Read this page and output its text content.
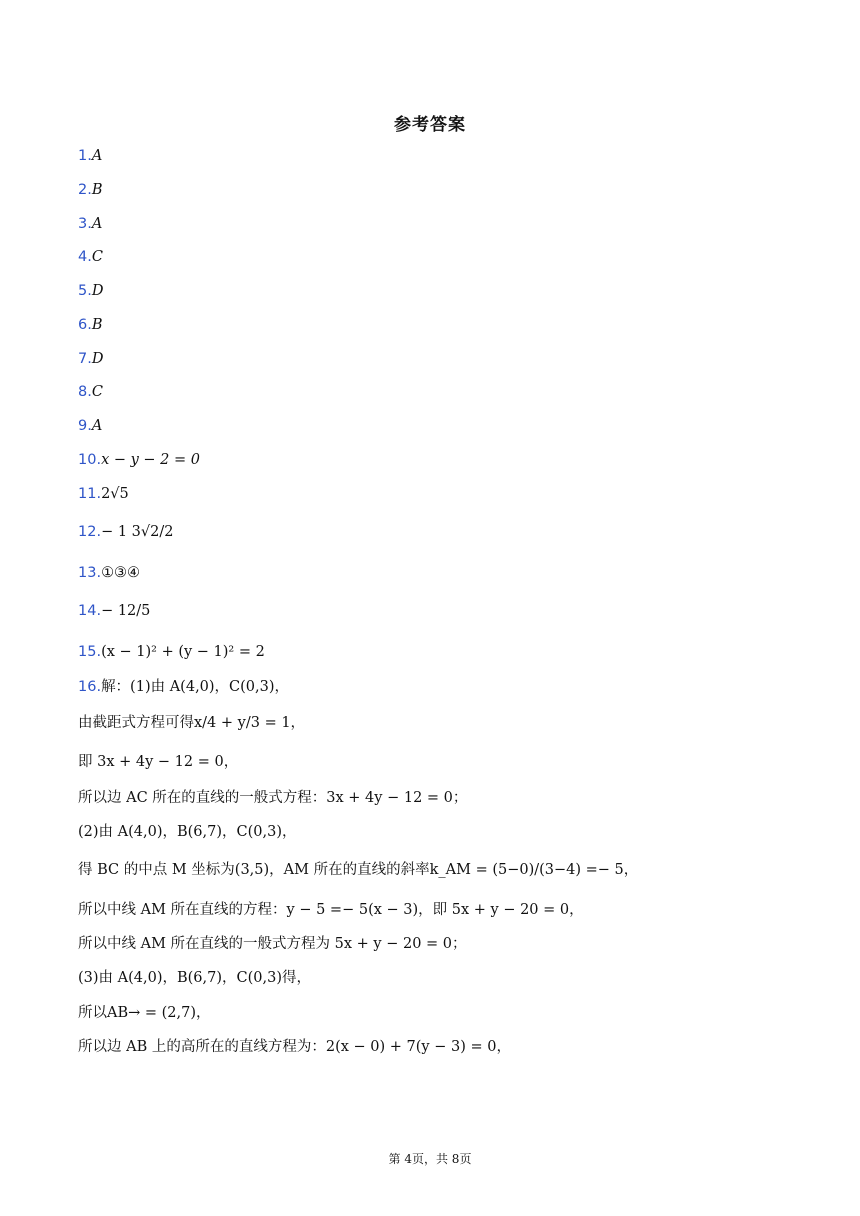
参考答案
1.A
2.B
3.A
4.C
5.D
6.B
7.D
8.C
9.A
10.x − y − 2 = 0
11.2√5
12.− 1 3√2/2
13.①③④
14.− 12/5
15.(x − 1)² + (y − 1)² = 2
16.解：(1)由 A(4,0)，C(0,3)，
由截距式方程可得x/4 + y/3 = 1，
即 3x + 4y − 12 = 0，
所以边 AC 所在的直线的一般式方程：3x + 4y − 12 = 0；
(2)由 A(4,0)，B(6,7)，C(0,3)，
得 BC 的中点 M 坐标为(3,5)，AM 所在的直线的斜率k_AM = (5−0)/(3−4) =− 5，
所以中线 AM 所在直线的方程：y − 5 =− 5(x − 3)，即 5x + y − 20 = 0，
所以中线 AM 所在直线的一般式方程为 5x + y − 20 = 0；
(3)由 A(4,0)，B(6,7)，C(0,3)得，
所以AB→ = (2,7)，
所以边 AB 上的高所在的直线方程为：2(x − 0) + 7(y − 3) = 0，
第 4页，共 8页
